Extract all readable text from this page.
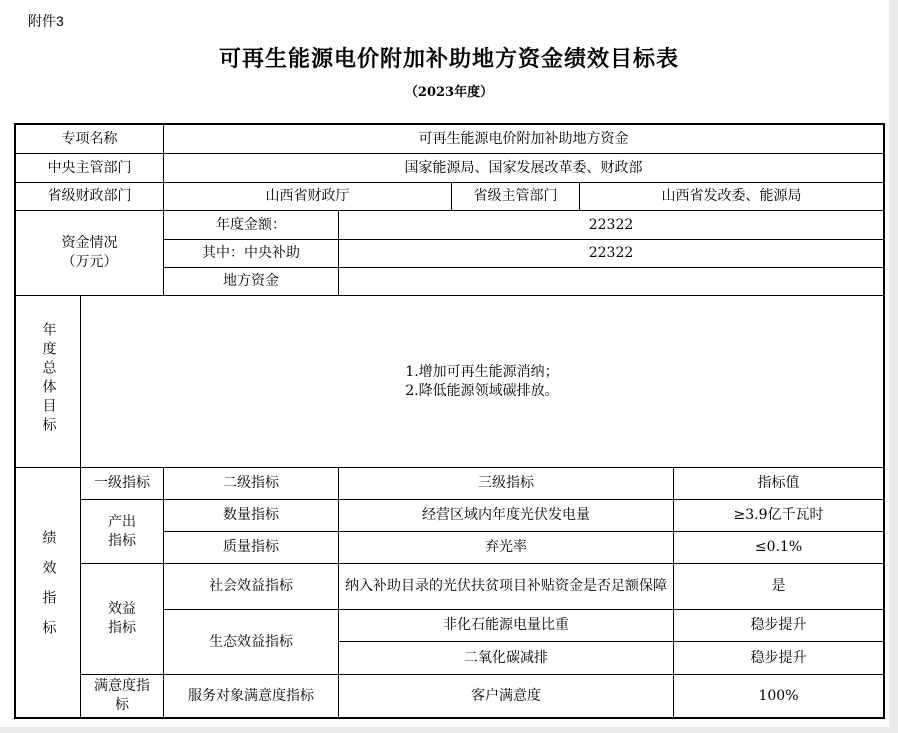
附件3
可再生能源电价附加补助地方资金绩效目标表
（2023年度）
专项名称	可再生能源电价附加补助地方资金
中央主管部门	国家能源局、国家发展改革委、财政部
省级财政部门	山西省财政厅	省级主管部门	山西省发改委、能源局
资金情况
（万元）	年度金额：	22322
	其中：中央补助	22322
	地方资金	
年度总体目标	1.增加可再生能源消纳；
2.降低能源领域碳排放。
绩效指标	一级指标	二级指标	三级指标	指标值
	产出指标	数量指标	经营区域内年度光伏发电量	≥3.9亿千瓦时
		质量指标	弃光率	≤0.1%
	效益指标	社会效益指标	纳入补助目录的光伏扶贫项目补贴资金是否足额保障	是
		生态效益指标	非化石能源电量比重	稳步提升
			二氧化碳减排	稳步提升
	满意度指标	服务对象满意度指标	客户满意度	100%
